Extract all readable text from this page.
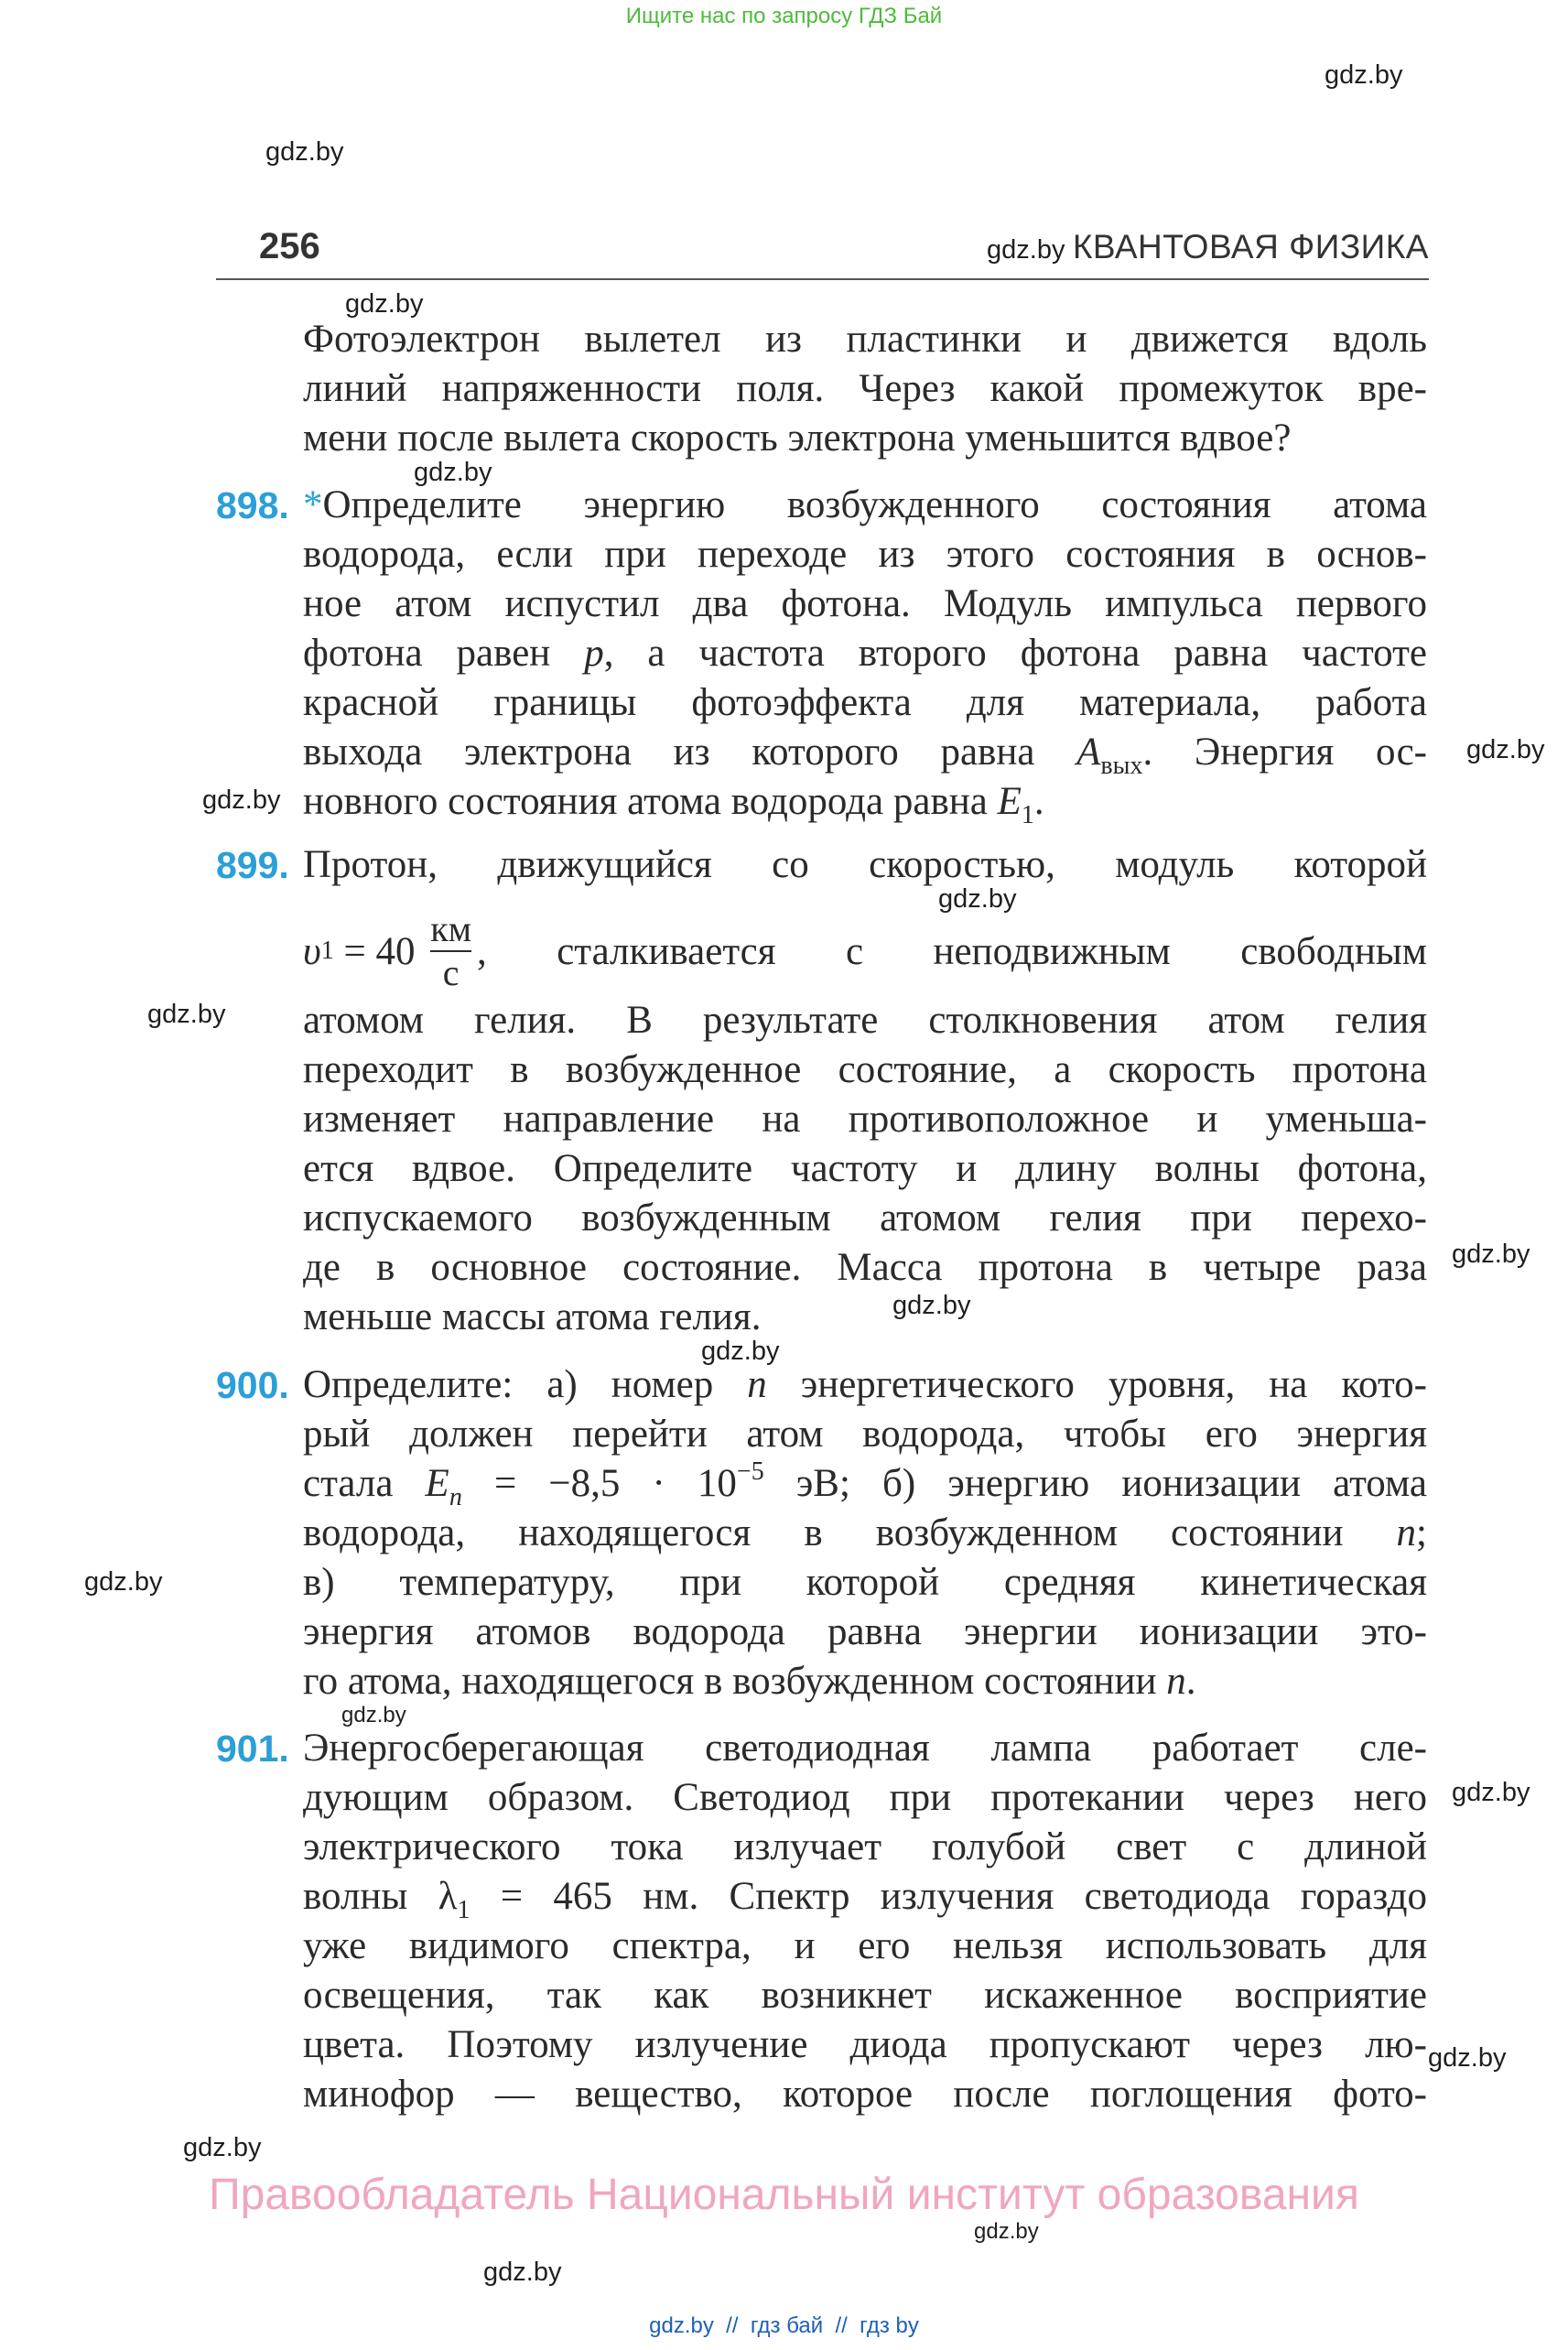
Ищите нас по запросу ГДЗ Бай
gdz.by
gdz.by
gdz.by
gdz.by
gdz.by
gdz.by
gdz.by
gdz.by
gdz.by
gdz.by
gdz.by
gdz.by
gdz.by
gdz.by
gdz.by
gdz.by
gdz.by
gdz.by
gdz.by
256	КВАНТОВАЯ ФИЗИКА
Фотоэлектрон вылетел из пластинки и движется вдоль
линий напряженности поля. Через какой промежуток вре-
мени после вылета скорость электрона уменьшится вдвое?
898. *Определите энергию возбужденного состояния атома
водорода, если при переходе из этого состояния в основ-
ное атом испустил два фотона. Модуль импульса первого
фотона равен p, а частота второго фотона равна частоте
красной границы фотоэффекта для материала, работа
выхода электрона из которого равна $A_{вых}$. Энергия ос-
новного состояния атома водорода равна $E_1$.
899. Протон, движущийся со скоростью, модуль которой
υ $1 = 40 \frac{км}{с}$ , сталкивается с неподвижным свободным
атомом гелия. В результате столкновения атом гелия
переходит в возбужденное состояние, а скорость протона
изменяет направление на противоположное и уменьша-
ется вдвое. Определите частоту и длину волны фотона,
испускаемого возбужденным атомом гелия при перехо-
де в основное состояние. Масса протона в четыре раза
меньше массы атома гелия.
900. Определите: а) номер n энергетического уровня, на кото-
рый должен перейти атом водорода, чтобы его энергия
стала $E_n = -8,5 \cdot 10^{-5}$ эВ; б) энергию ионизации атома
водорода, находящегося в возбужденном состоянии n;
в) температуру, при которой средняя кинетическая
энергия атомов водорода равна энергии ионизации это-
го атома, находящегося в возбужденном состоянии n.
901. Энергосберегающая светодиодная лампа работает сле-
дующим образом. Светодиод при протекании через него
электрического тока излучает голубой свет с длиной
волны $\lambda_1 = 465$ нм. Спектр излучения светодиода гораздо
уже видимого спектра, и его нельзя использовать для
освещения, так как возникнет искаженное восприятие
цвета. Поэтому излучение диода пропускают через лю-
минофор — вещество, которое после поглощения фото-
Правообладатель Национальный институт образования
gdz.by  //  гдз бай  //  гдз by
